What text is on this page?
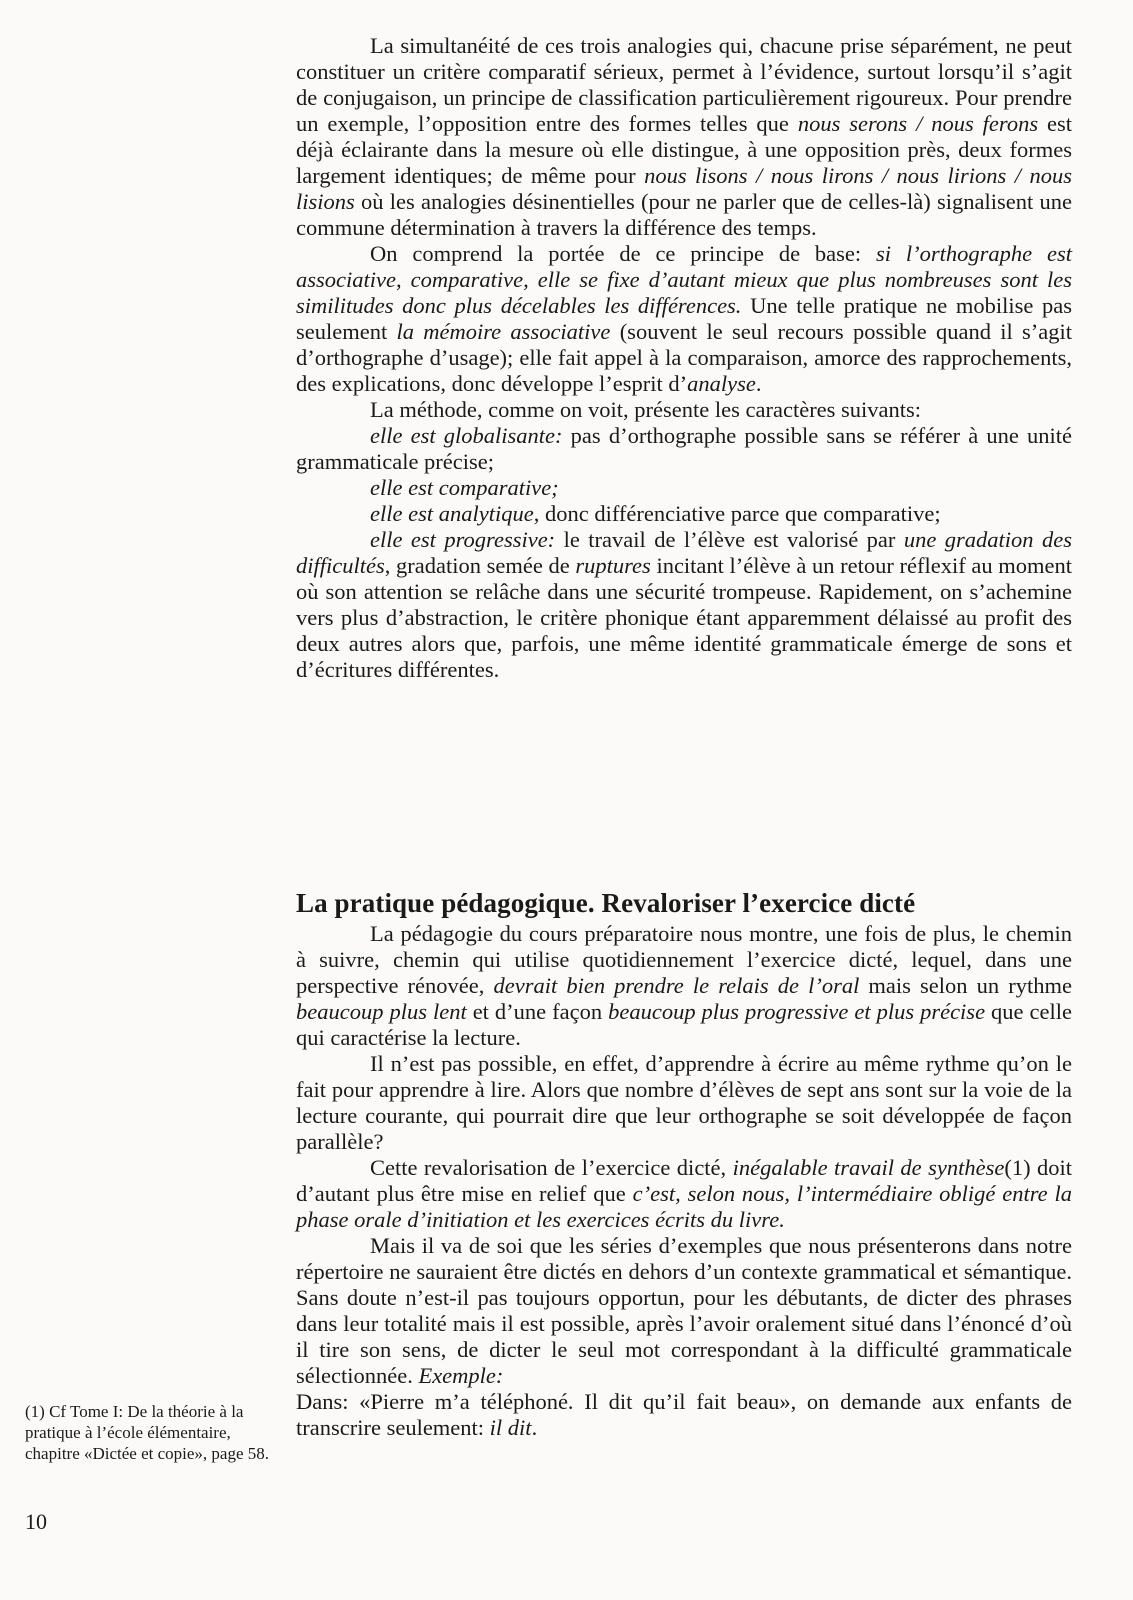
La simultanéité de ces trois analogies qui, chacune prise séparément, ne peut constituer un critère comparatif sérieux, permet à l’évidence, surtout lorsqu’il s’agit de conjugaison, un principe de classification particulièrement rigoureux. Pour prendre un exemple, l’opposition entre des formes telles que nous serons / nous ferons est déjà éclairante dans la mesure où elle distingue, à une opposition près, deux formes largement identiques; de même pour nous lisons / nous lirons / nous lirions / nous lisions où les analogies désinentielles (pour ne parler que de celles-là) signalisent une commune détermination à travers la différence des temps.

On comprend la portée de ce principe de base: si l’orthographe est associative, comparative, elle se fixe d’autant mieux que plus nombreuses sont les similitudes donc plus décelables les différences. Une telle pratique ne mobilise pas seulement la mémoire associative (souvent le seul recours possible quand il s’agit d’orthographe d’usage); elle fait appel à la comparaison, amorce des rapprochements, des explications, donc développe l’esprit d’analyse.

La méthode, comme on voit, présente les caractères suivants:

elle est globalisante: pas d’orthographe possible sans se référer à une unité grammaticale précise;

elle est comparative;

elle est analytique, donc différenciative parce que comparative;

elle est progressive: le travail de l’élève est valorisé par une gradation des difficultés, gradation semée de ruptures incitant l’élève à un retour réflexif au moment où son attention se relâche dans une sécurité trompeuse. Rapidement, on s’achemine vers plus d’abstraction, le critère phonique étant apparemment délaissé au profit des deux autres alors que, parfois, une même identité grammaticale émerge de sons et d’écritures différentes.

La pratique pédagogique. Revaloriser l’exercice dicté

La pédagogie du cours préparatoire nous montre, une fois de plus, le chemin à suivre, chemin qui utilise quotidiennement l’exercice dicté, lequel, dans une perspective rénovée, devrait bien prendre le relais de l’oral mais selon un rythme beaucoup plus lent et d’une façon beaucoup plus progressive et plus précise que celle qui caractérise la lecture.

Il n’est pas possible, en effet, d’apprendre à écrire au même rythme qu’on le fait pour apprendre à lire. Alors que nombre d’élèves de sept ans sont sur la voie de la lecture courante, qui pourrait dire que leur orthographe se soit développée de façon parallèle?

Cette revalorisation de l’exercice dicté, inégalable travail de synthèse(1) doit d’autant plus être mise en relief que c’est, selon nous, l’intermédiaire obligé entre la phase orale d’initiation et les exercices écrits du livre.

Mais il va de soi que les séries d’exemples que nous présenterons dans notre répertoire ne sauraient être dictés en dehors d’un contexte grammatical et sémantique. Sans doute n’est-il pas toujours opportun, pour les débutants, de dicter des phrases dans leur totalité mais il est possible, après l’avoir oralement situé dans l’énoncé d’où il tire son sens, de dicter le seul mot correspondant à la difficulté grammaticale sélectionnée. Exemple:

Dans: «Pierre m’a téléphoné. Il dit qu’il fait beau», on demande aux enfants de transcrire seulement: il dit.

(1) Cf Tome I: De la théorie à la pratique à l’école élémentaire, chapitre «Dictée et copie», page 58.
10
